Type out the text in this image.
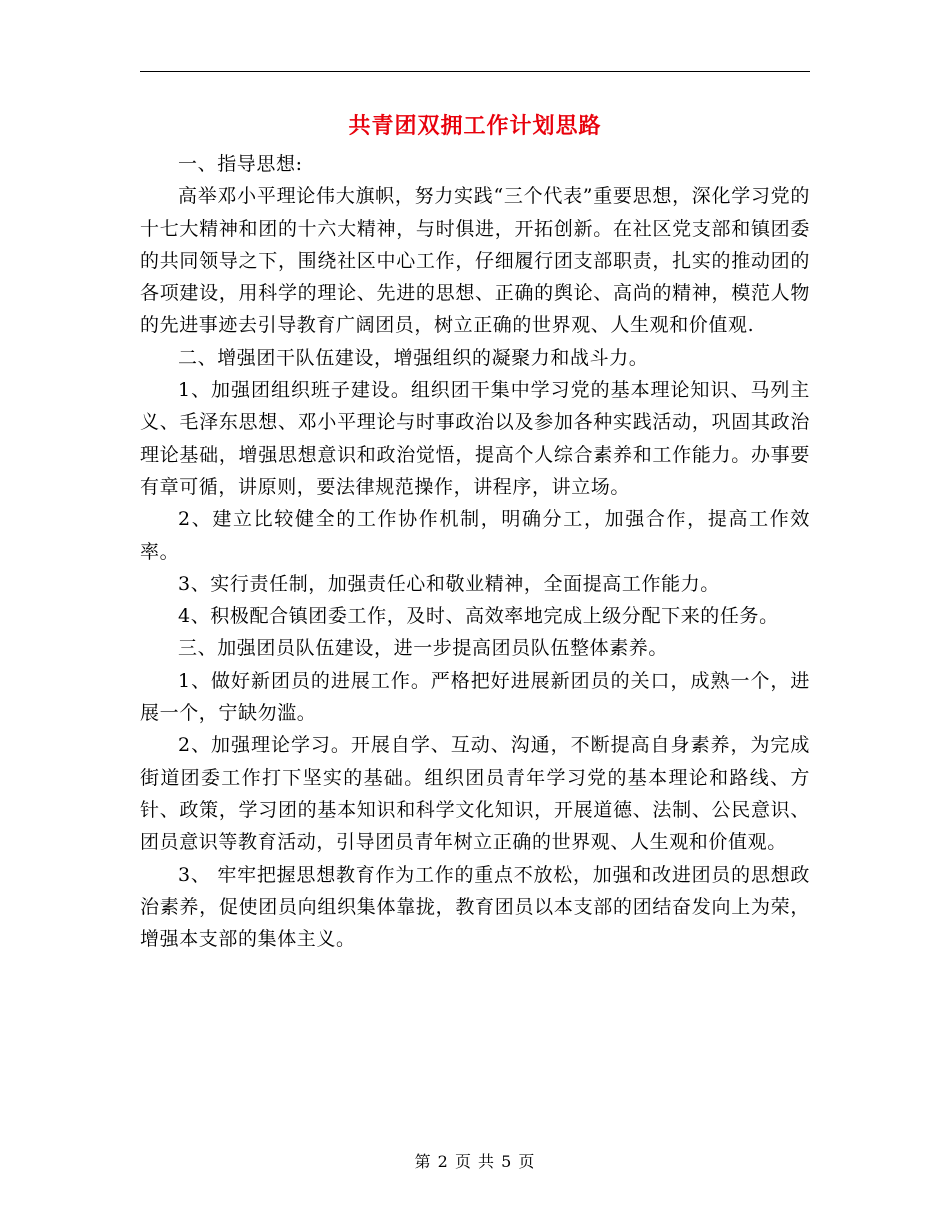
共青团双拥工作计划思路

一、指导思想:

高举邓小平理论伟大旗帜，努力实践“三个代表”重要思想，深化学习党的十七大精神和团的十六大精神，与时俱进，开拓创新。在社区党支部和镇团委的共同领导之下，围绕社区中心工作，仔细履行团支部职责，扎实的推动团的各项建设，用科学的理论、先进的思想、正确的舆论、高尚的精神，模范人物的先进事迹去引导教育广阔团员，树立正确的世界观、人生观和价值观.

二、增强团干队伍建设，增强组织的凝聚力和战斗力。

1、加强团组织班子建设。组织团干集中学习党的基本理论知识、马列主义、毛泽东思想、邓小平理论与时事政治以及参加各种实践活动，巩固其政治理论基础，增强思想意识和政治觉悟，提高个人综合素养和工作能力。办事要有章可循，讲原则，要法律规范操作，讲程序，讲立场。

2、建立比较健全的工作协作机制，明确分工，加强合作，提高工作效率。

3、实行责任制，加强责任心和敬业精神，全面提高工作能力。

4、积极配合镇团委工作，及时、高效率地完成上级分配下来的任务。

三、加强团员队伍建设，进一步提高团员队伍整体素养。

1、做好新团员的进展工作。严格把好进展新团员的关口，成熟一个，进展一个，宁缺勿滥。

2、加强理论学习。开展自学、互动、沟通，不断提高自身素养，为完成街道团委工作打下坚实的基础。组织团员青年学习党的基本理论和路线、方针、政策，学习团的基本知识和科学文化知识，开展道德、法制、公民意识、团员意识等教育活动，引导团员青年树立正确的世界观、人生观和价值观。

3、 牢牢把握思想教育作为工作的重点不放松，加强和改进团员的思想政治素养，促使团员向组织集体靠拢，教育团员以本支部的团结奋发向上为荣，增强本支部的集体主义。

第 2 页 共 5 页
